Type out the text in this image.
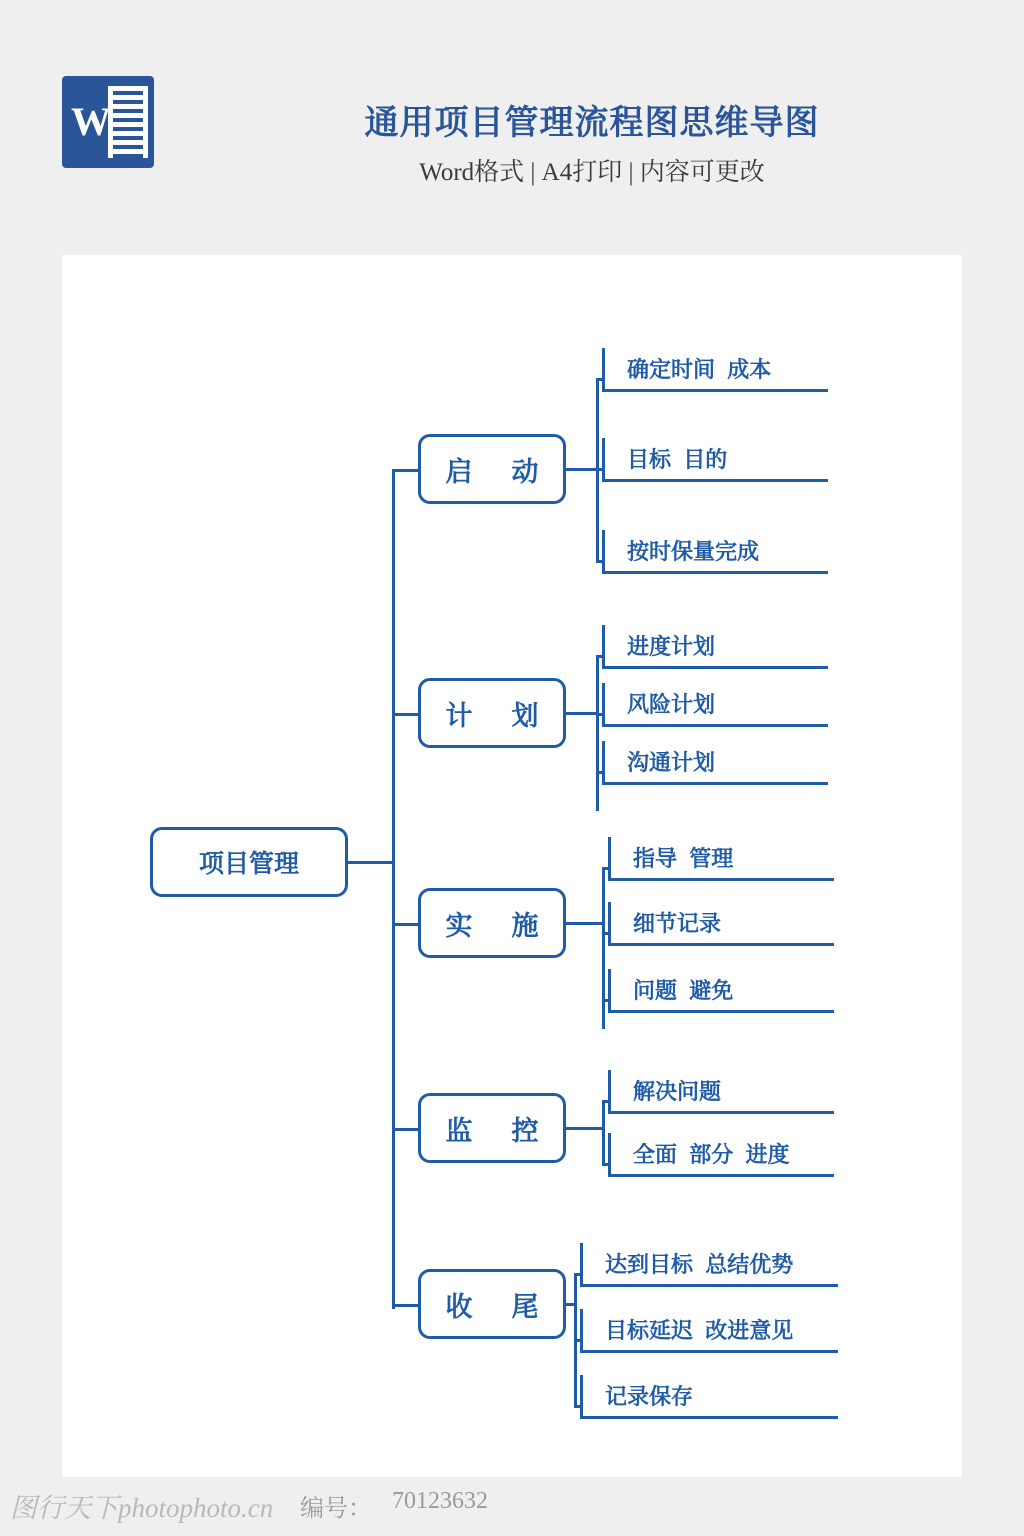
W	通用项目管理流程图思维导图
Word格式 | A4打印 | 内容可更改
项目管理
启　动
确定时间  成本
目标  目的
按时保量完成
计　划
进度计划
风险计划
沟通计划
实　施
指导  管理
细节记录
问题  避免
监　控
解决问题
全面  部分  进度
收　尾
达到目标  总结优势
目标延迟  改进意见
记录保存
图行天下photophoto.cn 编号： 70123632
